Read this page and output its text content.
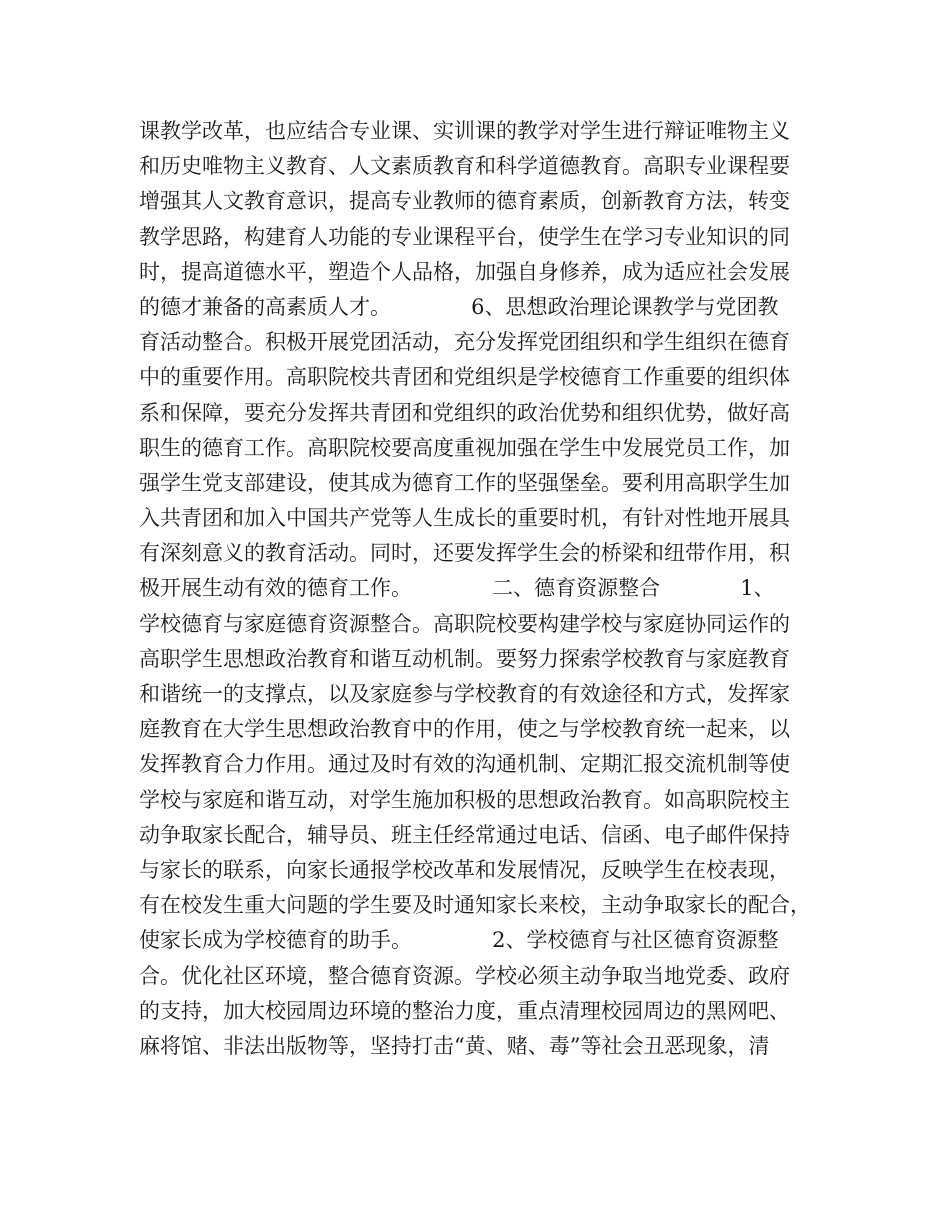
课教学改革，也应结合专业课、实训课的教学对学生进行辩证唯物主义
和历史唯物主义教育、人文素质教育和科学道德教育。高职专业课程要
增强其人文教育意识，提高专业教师的德育素质，创新教育方法，转变
教学思路，构建育人功能的专业课程平台，使学生在学习专业知识的同
时，提高道德水平，塑造个人品格，加强自身修养，成为适应社会发展
的德才兼备的高素质人才。            6、思想政治理论课教学与党团教
育活动整合。积极开展党团活动，充分发挥党团组织和学生组织在德育
中的重要作用。高职院校共青团和党组织是学校德育工作重要的组织体
系和保障，要充分发挥共青团和党组织的政治优势和组织优势，做好高
职生的德育工作。高职院校要高度重视加强在学生中发展党员工作，加
强学生党支部建设，使其成为德育工作的坚强堡垒。要利用高职学生加
入共青团和加入中国共产党等人生成长的重要时机，有针对性地开展具
有深刻意义的教育活动。同时，还要发挥学生会的桥梁和纽带作用，积
极开展生动有效的德育工作。            二、德育资源整合            1、
学校德育与家庭德育资源整合。高职院校要构建学校与家庭协同运作的
高职学生思想政治教育和谐互动机制。要努力探索学校教育与家庭教育
和谐统一的支撑点，以及家庭参与学校教育的有效途径和方式，发挥家
庭教育在大学生思想政治教育中的作用，使之与学校教育统一起来，以
发挥教育合力作用。通过及时有效的沟通机制、定期汇报交流机制等使
学校与家庭和谐互动，对学生施加积极的思想政治教育。如高职院校主
动争取家长配合，辅导员、班主任经常通过电话、信函、电子邮件保持
与家长的联系，向家长通报学校改革和发展情况，反映学生在校表现，
有在校发生重大问题的学生要及时通知家长来校，主动争取家长的配合，
使家长成为学校德育的助手。            2、学校德育与社区德育资源整
合。优化社区环境，整合德育资源。学校必须主动争取当地党委、政府
的支持，加大校园周边环境的整治力度，重点清理校园周边的黑网吧、
麻将馆、非法出版物等，坚持打击“黄、赌、毒”等社会丑恶现象，清
